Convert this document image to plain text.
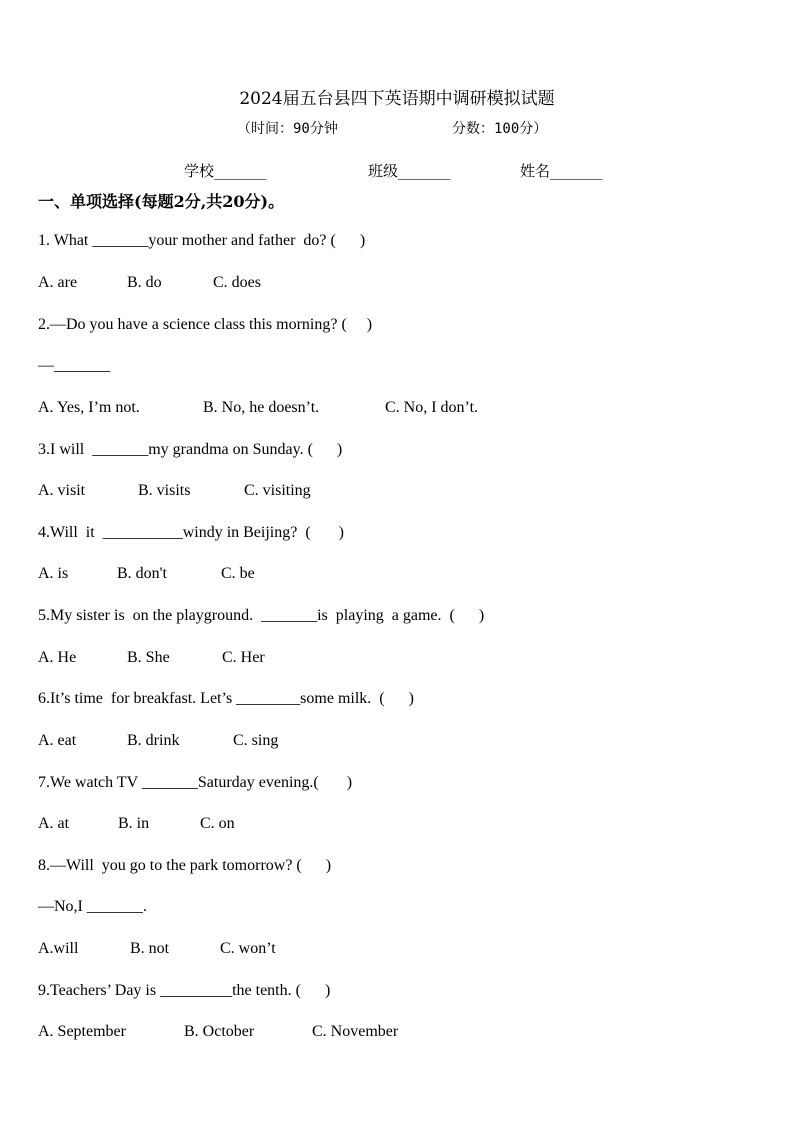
2024届五台县四下英语期中调研模拟试题
（时间：90分钟	分数：100分）
学校_______	班级_______	姓名_______
一、单项选择(每题2分,共20分)。
1. What _______your mother and father  do? (      )
A. are	B. do	C. does
2.—Do you have a science class this morning? (     )
—_______
A. Yes, I’m not.	B. No, he doesn’t.	C. No, I don’t.
3.I will  _______my grandma on Sunday. (      )
A. visit	B. visits	C. visiting
4.Will  it  __________windy in Beijing?  (       )
A. is	B. don't	C. be
5.My sister is  on the playground.  _______is  playing  a game.  (      )
A. He	B. She	C. Her
6.It’s time  for breakfast. Let’s ________some milk.  (      )
A. eat	B. drink	C. sing
7.We watch TV _______Saturday evening.(       )
A. at	B. in	C. on
8.—Will  you go to the park tomorrow? (      )
—No,I _______.
A.will	B. not	C. won’t
9.Teachers’ Day is _________the tenth. (      )
A. September	B. October	C. November
